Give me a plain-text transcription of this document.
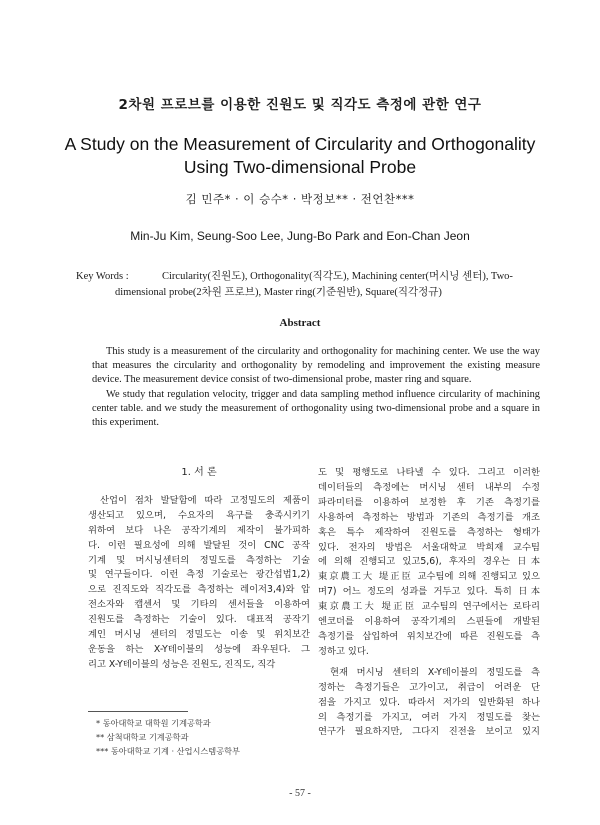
2차원 프로브를 이용한 진원도 및 직각도 측정에 관한 연구
A Study on the Measurement of Circularity and Orthogonality Using Two-dimensional Probe
김 민주* · 이 승수* · 박정보** · 전언찬***
Min-Ju Kim, Seung-Soo Lee, Jung-Bo Park and Eon-Chan Jeon
Key Words :	Circularity(진원도), Orthogonality(직각도), Machining center(머시닝 센터), Two-
dimensional probe(2차원 프로브), Master ring(기준원반), Square(직각정규)
Abstract

This study is a measurement of the circularity and orthogonality for machining center. We use the way that measures the circularity and orthogonality by remodeling and improvement the existing measure device. The measurement device consist of two-dimensional probe, master ring and square.

We study that regulation velocity, trigger and data sampling method influence circularity of machining center table. and we study the measurement of orthogonality using two-dimensional probe and a square in this experiment.

1. 서 론
산업이 점차 발달함에 따라 고정밀도의 제품이
생산되고 있으며, 수요자의 욕구를 충족시키기
위하여 보다 나은 공작기계의 제작이 불가피하
다. 이런 필요성에 의해 발달된 것이 CNC 공작
기계 및 머시닝센터의 정밀도를 측정하는 기술
및 연구들이다. 이런 측정 기술로는 광간섭법1,2)
으로 진직도와 직각도를 측정하는 레이저3,4)와 압
전소자와 캡센서 및 기타의 센서들을 이용하여
진원도를 측정하는 기술이 있다. 대표적 공작기
계인 머시닝 센터의 정밀도는 이송 및 위치보간
운동을 하는 X-Y테이블의 성능에 좌우된다. 그
리고 X-Y테이블의 성능은 진원도, 진직도, 직각
도 및 평행도로 나타낼 수 있다. 그리고 이러한
데이터들의 측정에는 머시닝 센터 내부의 수정
파라미터를 이용하여 보정한 후 기존 측정기를
사용하여 측정하는 방법과 기존의 측정기를 개조
혹은 특수 제작하여 진원도를 측정하는 형태가
있다. 전자의 방법은 서울대학교 박희재 교수팀
에 의해 진행되고 있고5,6), 후자의 경우는 日本
東京農工大 堤正臣 교수팀에 의해 진행되고 있으
며7) 어느 정도의 성과를 거두고 있다. 특히 日本
東京農工大 堤正臣 교수팀의 연구에서는 로타리
엔코더를 이용하여 공작기계의 스핀들에 개발된
측정기를 삽입하여 위치보간에 따른 진원도를 측
정하고 있다.
현재 머시닝 센터의 X-Y테이블의 정밀도를 측
정하는 측정기들은 고가이고, 취급이 어려운 단
점을 가지고 있다. 따라서 저가의 일반화된 하나
의 측정기를 가지고, 여러 가지 정밀도를 찾는
연구가 필요하지만, 그다지 진전을 보이고 있지
* 동아대학교 대학원 기계공학과
** 삼척대학교 기계공학과
*** 동아대학교 기계 · 산업시스템공학부
- 57 -
